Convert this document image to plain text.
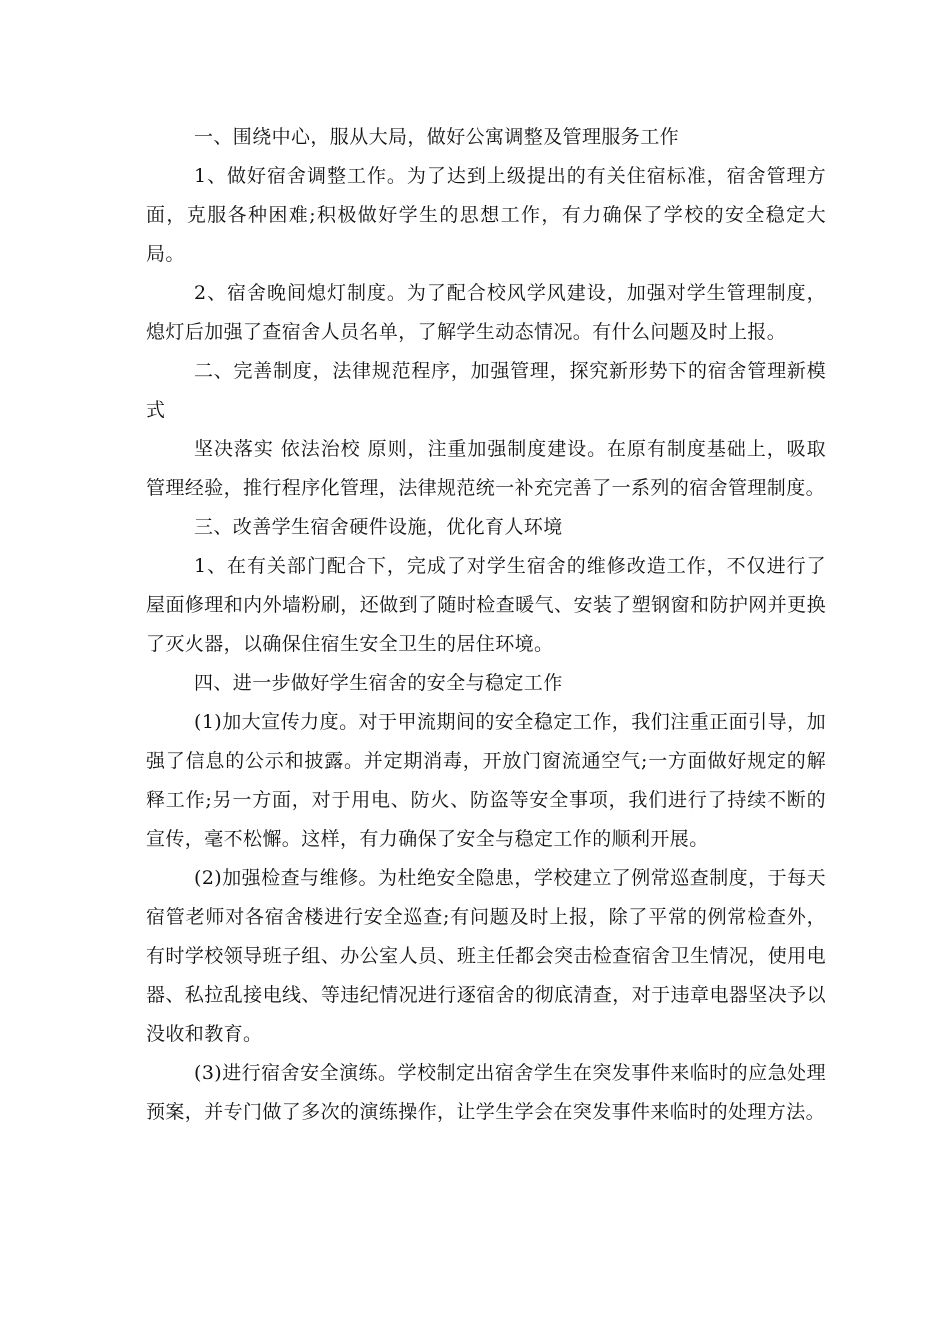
一、围绕中心，服从大局，做好公寓调整及管理服务工作

1、做好宿舍调整工作。为了达到上级提出的有关住宿标准，宿舍管理方面，克服各种困难;积极做好学生的思想工作，有力确保了学校的安全稳定大局。

2、宿舍晚间熄灯制度。为了配合校风学风建设，加强对学生管理制度，熄灯后加强了查宿舍人员名单，了解学生动态情况。有什么问题及时上报。

二、完善制度，法律规范程序，加强管理，探究新形势下的宿舍管理新模式

坚决落实 依法治校 原则，注重加强制度建设。在原有制度基础上，吸取管理经验，推行程序化管理，法律规范统一补充完善了一系列的宿舍管理制度。

三、改善学生宿舍硬件设施，优化育人环境

1、在有关部门配合下，完成了对学生宿舍的维修改造工作，不仅进行了屋面修理和内外墙粉刷，还做到了随时检查暖气、安装了塑钢窗和防护网并更换了灭火器，以确保住宿生安全卫生的居住环境。

四、进一步做好学生宿舍的安全与稳定工作

(1)加大宣传力度。对于甲流期间的安全稳定工作，我们注重正面引导，加强了信息的公示和披露。并定期消毒，开放门窗流通空气;一方面做好规定的解释工作;另一方面，对于用电、防火、防盗等安全事项，我们进行了持续不断的宣传，毫不松懈。这样，有力确保了安全与稳定工作的顺利开展。

(2)加强检查与维修。为杜绝安全隐患，学校建立了例常巡查制度，于每天宿管老师对各宿舍楼进行安全巡查;有问题及时上报，除了平常的例常检查外，有时学校领导班子组、办公室人员、班主任都会突击检查宿舍卫生情况，使用电器、私拉乱接电线、等违纪情况进行逐宿舍的彻底清查，对于违章电器坚决予以没收和教育。

(3)进行宿舍安全演练。学校制定出宿舍学生在突发事件来临时的应急处理预案，并专门做了多次的演练操作，让学生学会在突发事件来临时的处理方法。
